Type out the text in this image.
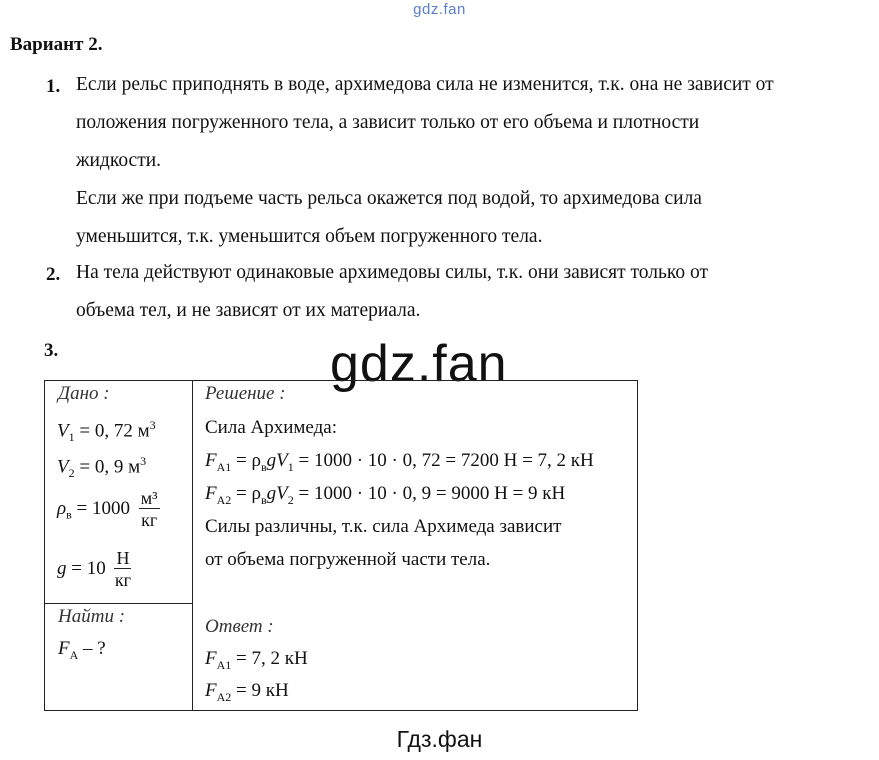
gdz.fan
Вариант 2.
1. Если рельс приподнять в воде, архимедова сила не изменится, т.к. она не зависит от
положения погруженного тела, а зависит только от его объема и плотности
жидкости.
Если же при подъеме часть рельса окажется под водой, то архимедова сила
уменьшится, т.к. уменьшится объем погруженного тела.
2. На тела действуют одинаковые архимедовы силы, т.к. они зависят только от
объема тел, и не зависят от их материала.
3.	gdz.fan
Дано :
$V_1 = 0$, 72 $м^3$
$V_2 = 0$, 9 $м^3$
$\rho_в = 1000 \frac{\text{м³}}{кг}$
$g = 10 \frac{Н}{кг}$
Найти :
$F_A$ – ?
Решение :
Сила Архимеда:
$F_{A1} = \rho_вgV_1 = 1000 \cdot 10 \cdot 0$, 72 = 7200 Н = 7, 2 кН
$F_{A2} = \rho_вgV_2 = 1000 \cdot 10 \cdot 0$, 9 = 9000 Н = 9 кН
Силы различны, т.к. сила Архимеда зависит
от объема погруженной части тела.
Ответ :
$F_{A1} = 7$, 2 кН
$F_{A2} = 9$ кН
Гдз.фан
